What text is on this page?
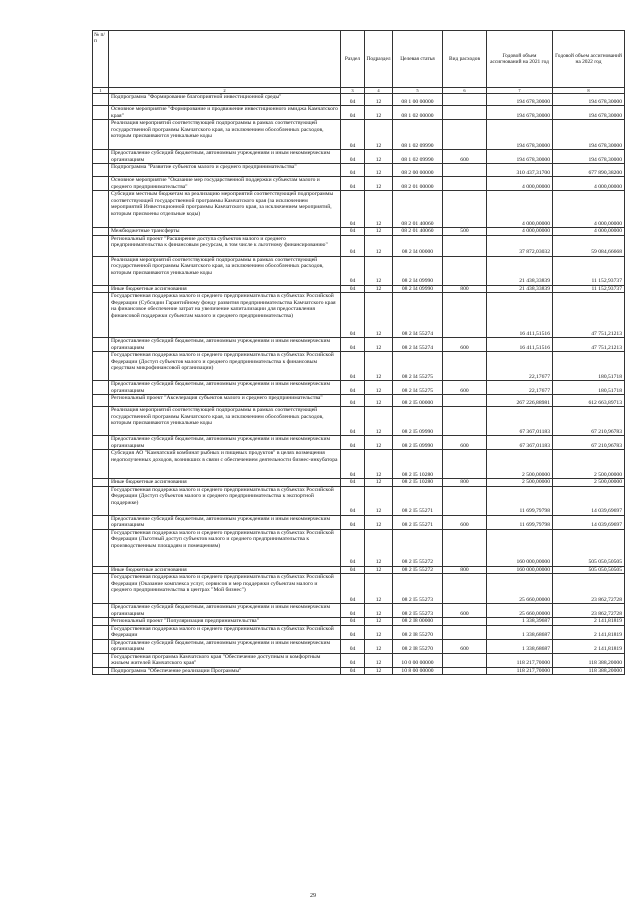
№ п/п		Раздел	Подраздел	Целевая статья	Вид расходов	Годовой объем ассигнований на 2021 год	Годовой объем ассигнований на 2022 год
1	2	3	4	5	6	7	8
	Подпрограмма "Формирование благоприятной инвестиционной среды"	04	12	08 1 00 00000		194 678,30000	194 678,30000
	Основное мероприятие "Формирование и продвижение инвестиционного имиджа Камчатского края"	04	12	08 1 02 00000		194 678,30000	194 678,30000
	Реализация мероприятий соответствующей подпрограммы в рамках соответствующей государственной программы Камчатского края, за исключением обособленных расходов, которым присваиваются уникальные коды	04	12	08 1 02 09990		194 678,30000	194 678,30000
	Предоставление субсидий бюджетным, автономным учреждениям и иным некоммерческим организациям	04	12	08 1 02 09990	600	194 678,30000	194 678,30000
	Подпрограмма "Развитие субъектов малого и среднего предпринимательства"	04	12	08 2 00 00000		310 437,31700	677 890,38200
	Основное мероприятие "Оказание мер государственной поддержки субъектам малого и среднего предпринимательства"	04	12	08 2 01 00000		4 000,00000	4 000,00000
	Субсидии местным бюджетам на реализацию мероприятий соответствующей подпрограммы соответствующей государственной программы Камчатского края (за исключением мероприятий Инвестиционной программы Камчатского края, за исключением мероприятий, которым присвоены отдельные коды)	04	12	08 2 01 40060		4 000,00000	4 000,00000
	Межбюджетные трансферты	04	12	08 2 01 40060	500	4 000,00000	4 000,00000
	Региональный проект "Расширение доступа субъектов малого и среднего предпринимательства к финансовым ресурсам, в том числе к льготному финансированию"	04	12	08 2 I4 00000		37 872,03032	59 084,66668
	Реализация мероприятий соответствующей подпрограммы в рамках соответствующей государственной программы Камчатского края, за исключением обособленных расходов, которым присваиваются уникальные коды	04	12	08 2 I4 09990		21 438,33839	11 152,93737
	Иные бюджетные ассигнования	04	12	08 2 I4 09990	800	21 438,33839	11 152,93737
	Государственная поддержка малого и среднего предпринимательства в субъектах Российской Федерации (Субсидии Гарантийному фонду развития предпринимательства Камчатского края на финансовое обеспечение затрат на увеличение капитализации для предоставления финансовой поддержки субъектам малого и среднего предпринимательства)	04	12	08 2 I4 55274		16 411,51516	47 751,21213
	Предоставление субсидий бюджетным, автономным учреждениям и иным некоммерческим организациям	04	12	08 2 I4 55274	600	16 411,51516	47 751,21213
	Государственная поддержка малого и среднего предпринимательства в субъектах Российской Федерации (Доступ субъектов малого и среднего предпринимательства к финансовым средствам микрофинансовой организации)	04	12	08 2 I4 55275		22,17677	180,51718
	Предоставление субсидий бюджетным, автономным учреждениям и иным некоммерческим организациям	04	12	08 2 I4 55275	600	22,17677	180,51718
	Региональный проект "Акселерация субъектов малого и среднего предпринимательства"	04	12	08 2 I5 00000		267 226,88981	612 663,89713
	Реализация мероприятий соответствующей подпрограммы в рамках соответствующей государственной программы Камчатского края, за исключением обособленных расходов, которым присваиваются уникальные коды	04	12	08 2 I5 09990		67 367,01183	67 210,96783
	Предоставление субсидий бюджетным, автономным учреждениям и иным некоммерческим организациям	04	12	08 2 I5 09990	600	67 367,01183	67 210,96783
	Субсидия АО "Камчатский комбинат рыбных и пищевых продуктов" в целях возмещения недополученных доходов, возникших в связи с обеспечением деятельности бизнес-инкубатора	04	12	08 2 I5 10280		2 500,00000	2 500,00000
	Иные бюджетные ассигнования	04	12	08 2 I5 10280	800	2 500,00000	2 500,00000
	Государственная поддержка малого и среднего предпринимательства в субъектах Российской Федерации (Доступ субъектов малого и среднего предпринимательства к экспортной поддержке)	04	12	08 2 I5 55271		11 699,79798	14 039,69697
	Предоставление субсидий бюджетным, автономным учреждениям и иным некоммерческим организациям	04	12	08 2 I5 55271	600	11 699,79798	14 039,69697
	Государственная поддержка малого и среднего предпринимательства в субъектах Российской Федерации (Льготный доступ субъектов малого и среднего предпринимательства к производственным площадям и помещениям)	04	12	08 2 I5 55272		160 000,00000	505 050,50505
	Иные бюджетные ассигнования	04	12	08 2 I5 55272	800	160 000,00000	505 050,50505
	Государственная поддержка малого и среднего предпринимательства в субъектах Российской Федерации (Оказание комплекса услуг, сервисов и мер поддержки субъектам малого и среднего предпринимательства в центрах "Мой бизнес")	04	12	08 2 I5 55273		25 660,00000	23 862,72728
	Предоставление субсидий бюджетным, автономным учреждениям и иным некоммерческим организациям	04	12	08 2 I5 55273	600	25 660,00000	23 862,72728
	Региональный проект "Популяризация предпринимательства"	04	12	08 2 I8 00000		1 338,39687	2 141,81819
	Государственная поддержка малого и среднего предпринимательства в субъектах Российской Федерации	04	12	08 2 I8 55270		1 338,68687	2 141,81819
	Предоставление субсидий бюджетным, автономным учреждениям и иным некоммерческим организациям	04	12	08 2 I8 55270	600	1 338,68687	2 141,81819
	Государственная программа Камчатского края "Обеспечение доступным и комфортным жильем жителей Камчатского края"	04	12	10 0 00 00000		118 217,70000	118 388,20000
	Подпрограмма "Обеспечение реализации Программы"	04	12	10 8 00 00000		118 217,70000	118 388,20000
29
